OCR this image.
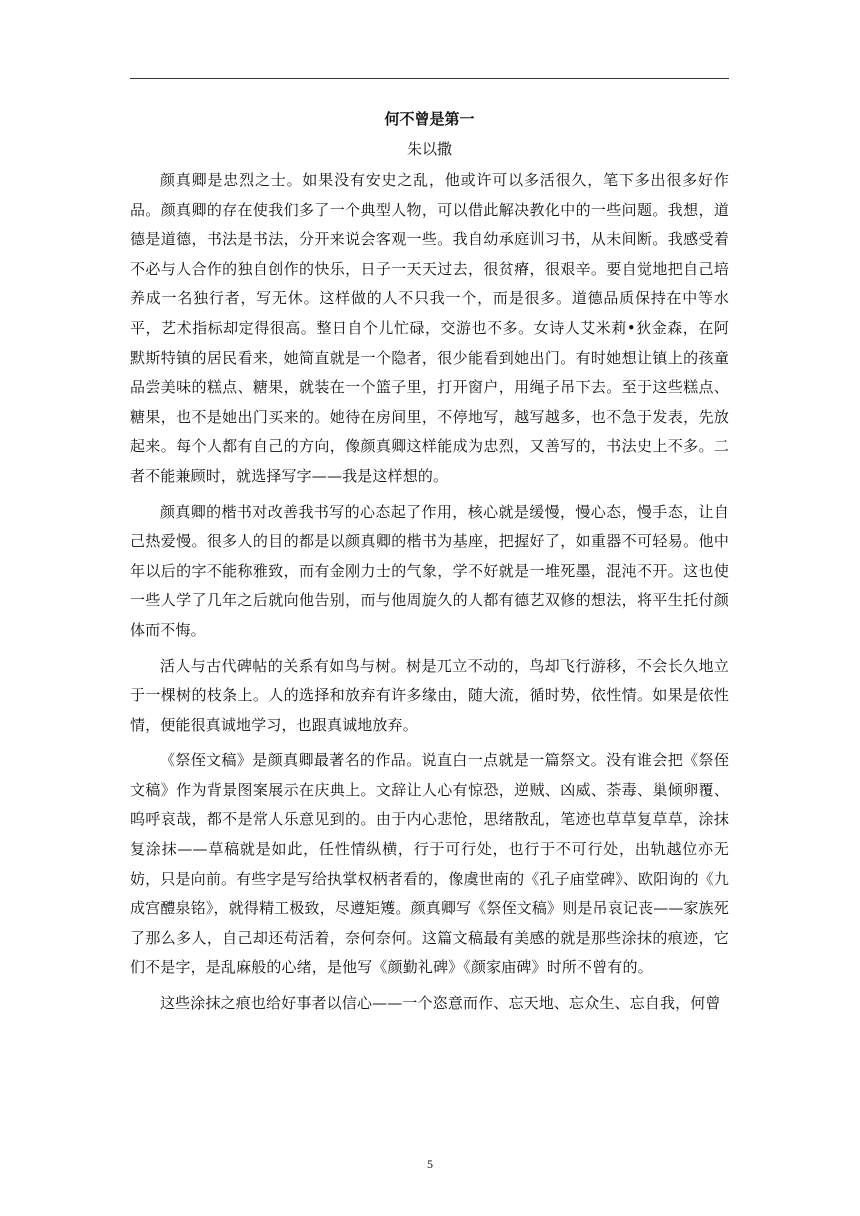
何不曾是第一

朱以撒

颜真卿是忠烈之士。如果没有安史之乱，他或许可以多活很久，笔下多出很多好作品。颜真卿的存在使我们多了一个典型人物，可以借此解决教化中的一些问题。我想，道德是道德，书法是书法，分开来说会客观一些。我自幼承庭训习书，从未间断。我感受着不必与人合作的独自创作的快乐，日子一天天过去，很贫瘠，很艰辛。要自觉地把自己培养成一名独行者，写无休。这样做的人不只我一个，而是很多。道德品质保持在中等水平，艺术指标却定得很高。整日自个儿忙碌，交游也不多。女诗人艾米莉•狄金森，在阿默斯特镇的居民看来，她简直就是一个隐者，很少能看到她出门。有时她想让镇上的孩童品尝美味的糕点、糖果，就装在一个篮子里，打开窗户，用绳子吊下去。至于这些糕点、糖果，也不是她出门买来的。她待在房间里，不停地写，越写越多，也不急于发表，先放起来。每个人都有自己的方向，像颜真卿这样能成为忠烈，又善写的，书法史上不多。二者不能兼顾时，就选择写字——我是这样想的。

颜真卿的楷书对改善我书写的心态起了作用，核心就是缓慢，慢心态，慢手态，让自己热爱慢。很多人的目的都是以颜真卿的楷书为基座，把握好了，如重器不可轻易。他中年以后的字不能称雅致，而有金刚力士的气象，学不好就是一堆死墨，混沌不开。这也使一些人学了几年之后就向他告别，而与他周旋久的人都有德艺双修的想法，将平生托付颜体而不悔。

活人与古代碑帖的关系有如鸟与树。树是兀立不动的，鸟却飞行游移，不会长久地立于一棵树的枝条上。人的选择和放弃有许多缘由，随大流，循时势，依性情。如果是依性情，便能很真诚地学习，也跟真诚地放弃。

《祭侄文稿》是颜真卿最著名的作品。说直白一点就是一篇祭文。没有谁会把《祭侄文稿》作为背景图案展示在庆典上。文辞让人心有惊恐，逆贼、凶威、荼毒、巢倾卵覆、呜呼哀哉，都不是常人乐意见到的。由于内心悲怆，思绪散乱，笔迹也草草复草草，涂抹复涂抹——草稿就是如此，任性情纵横，行于可行处，也行于不可行处，出轨越位亦无妨，只是向前。有些字是写给执掌权柄者看的，像虞世南的《孔子庙堂碑》、欧阳询的《九成宫醴泉铭》，就得精工极致，尽遵矩矱。颜真卿写《祭侄文稿》则是吊哀记丧——家族死了那么多人，自己却还苟活着，奈何奈何。这篇文稿最有美感的就是那些涂抹的痕迹，它们不是字，是乱麻般的心绪，是他写《颜勤礼碑》《颜家庙碑》时所不曾有的。

这些涂抹之痕也给好事者以信心——一个恣意而作、忘天地、忘众生、忘自我，何曾

5
